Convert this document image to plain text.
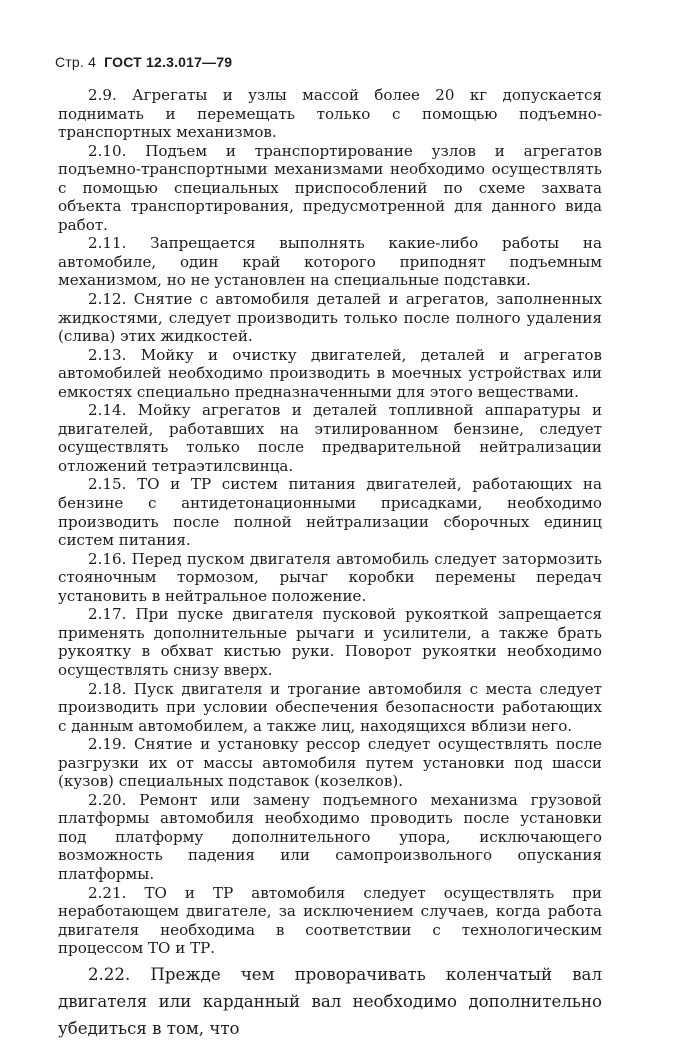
Стр. 4 ГОСТ 12.3.017—79

2.9. Агрегаты и узлы массой более 20 кг допускается поднимать и перемещать только с помощью подъемно-транспортных механизмов.

2.10. Подъем и транспортирование узлов и агрегатов подъемно-транспортными механизмами необходимо осуществлять с помощью специальных приспособлений по схеме захвата объекта транспортирования, предусмотренной для данного вида работ.

2.11. Запрещается выполнять какие-либо работы на автомобиле, один край которого приподнят подъемным механизмом, но не установлен на специальные подставки.

2.12. Снятие с автомобиля деталей и агрегатов, заполненных жидкостями, следует производить только после полного удаления (слива) этих жидкостей.

2.13. Мойку и очистку двигателей, деталей и агрегатов автомобилей необходимо производить в моечных устройствах или емкостях специально предназначенными для этого веществами.

2.14. Мойку агрегатов и деталей топливной аппаратуры и двигателей, работавших на этилированном бензине, следует осуществлять только после предварительной нейтрализации отложений тетраэтилсвинца.

2.15. ТО и ТР систем питания двигателей, работающих на бензине с антидетонационными присадками, необходимо производить после полной нейтрализации сборочных единиц систем питания.

2.16. Перед пуском двигателя автомобиль следует затормозить стояночным тормозом, рычаг коробки перемены передач установить в нейтральное положение.

2.17. При пуске двигателя пусковой рукояткой запрещается применять дополнительные рычаги и усилители, а также брать рукоятку в обхват кистью руки. Поворот рукоятки необходимо осуществлять снизу вверх.

2.18. Пуск двигателя и трогание автомобиля с места следует производить при условии обеспечения безопасности работающих с данным автомобилем, а также лиц, находящихся вблизи него.

2.19. Снятие и установку рессор следует осуществлять после разгрузки их от массы автомобиля путем установки под шасси (кузов) специальных подставок (козелков).

2.20. Ремонт или замену подъемного механизма грузовой платформы автомобиля необходимо проводить после установки под платформу дополнительного упора, исключающего возможность падения или самопроизвольного опускания платформы.

2.21. ТО и ТР автомобиля следует осуществлять при неработающем двигателе, за исключением случаев, когда работа двигателя необходима в соответствии с технологическим процессом ТО и ТР.

2.22. Прежде чем проворачивать коленчатый вал двигателя или карданный вал необходимо дополнительно убедиться в том, что
